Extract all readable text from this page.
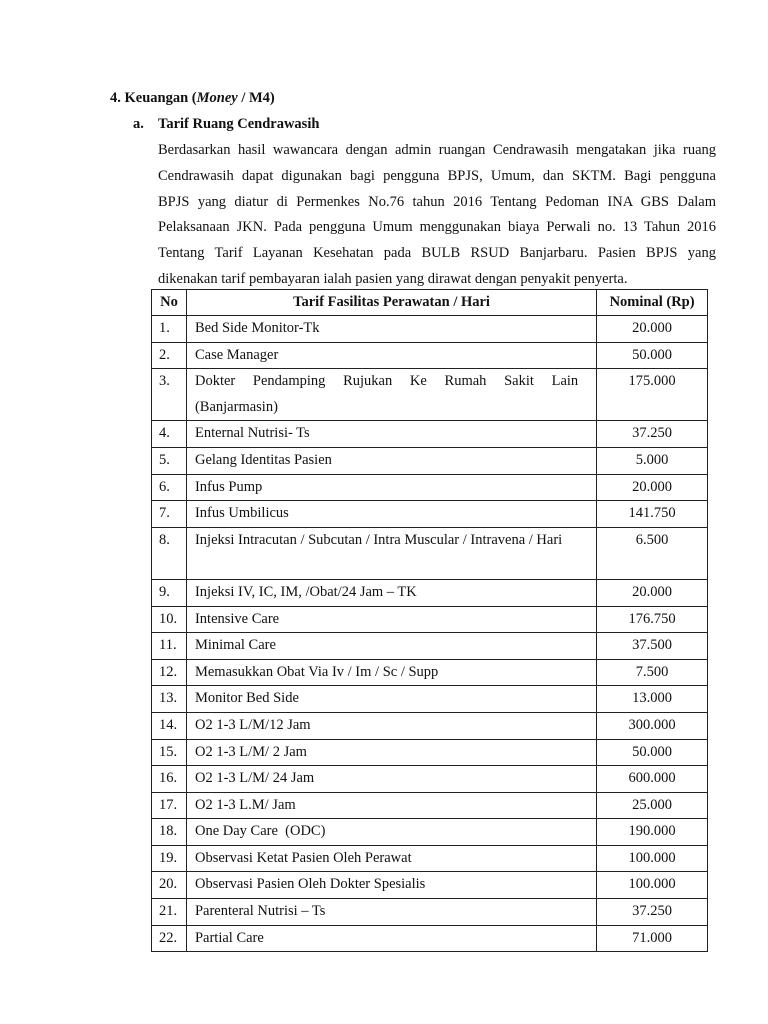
4. Keuangan (Money / M4)
a. Tarif Ruang Cendrawasih
Berdasarkan hasil wawancara dengan admin ruangan Cendrawasih mengatakan jika ruang
Cendrawasih dapat digunakan bagi pengguna BPJS, Umum, dan SKTM. Bagi pengguna
BPJS yang diatur di Permenkes No.76 tahun 2016 Tentang Pedoman INA GBS Dalam
Pelaksanaan JKN. Pada pengguna Umum menggunakan biaya Perwali no. 13 Tahun 2016
Tentang Tarif Layanan Kesehatan pada BULB RSUD Banjarbaru. Pasien BPJS yang
dikenakan tarif pembayaran ialah pasien yang dirawat dengan penyakit penyerta.
No	Tarif Fasilitas Perawatan / Hari	Nominal (Rp)
1.	Bed Side Monitor-Tk	20.000
2.	Case Manager	50.000
3.	Dokter Pendamping Rujukan Ke Rumah Sakit Lain (Banjarmasin)	175.000
4.	Enternal Nutrisi- Ts	37.250
5.	Gelang Identitas Pasien	5.000
6.	Infus Pump	20.000
7.	Infus Umbilicus	141.750
8.	Injeksi Intracutan / Subcutan / Intra Muscular / Intravena / Hari	6.500
9.	Injeksi IV, IC, IM, /Obat/24 Jam – TK	20.000
10.	Intensive Care	176.750
11.	Minimal Care	37.500
12.	Memasukkan Obat Via Iv / Im / Sc / Supp	7.500
13.	Monitor Bed Side	13.000
14.	O2 1-3 L/M/12 Jam	300.000
15.	O2 1-3 L/M/ 2 Jam	50.000
16.	O2 1-3 L/M/ 24 Jam	600.000
17.	O2 1-3 L.M/ Jam	25.000
18.	One Day Care  (ODC)	190.000
19.	Observasi Ketat Pasien Oleh Perawat	100.000
20.	Observasi Pasien Oleh Dokter Spesialis	100.000
21.	Parenteral Nutrisi – Ts	37.250
22.	Partial Care	71.000
